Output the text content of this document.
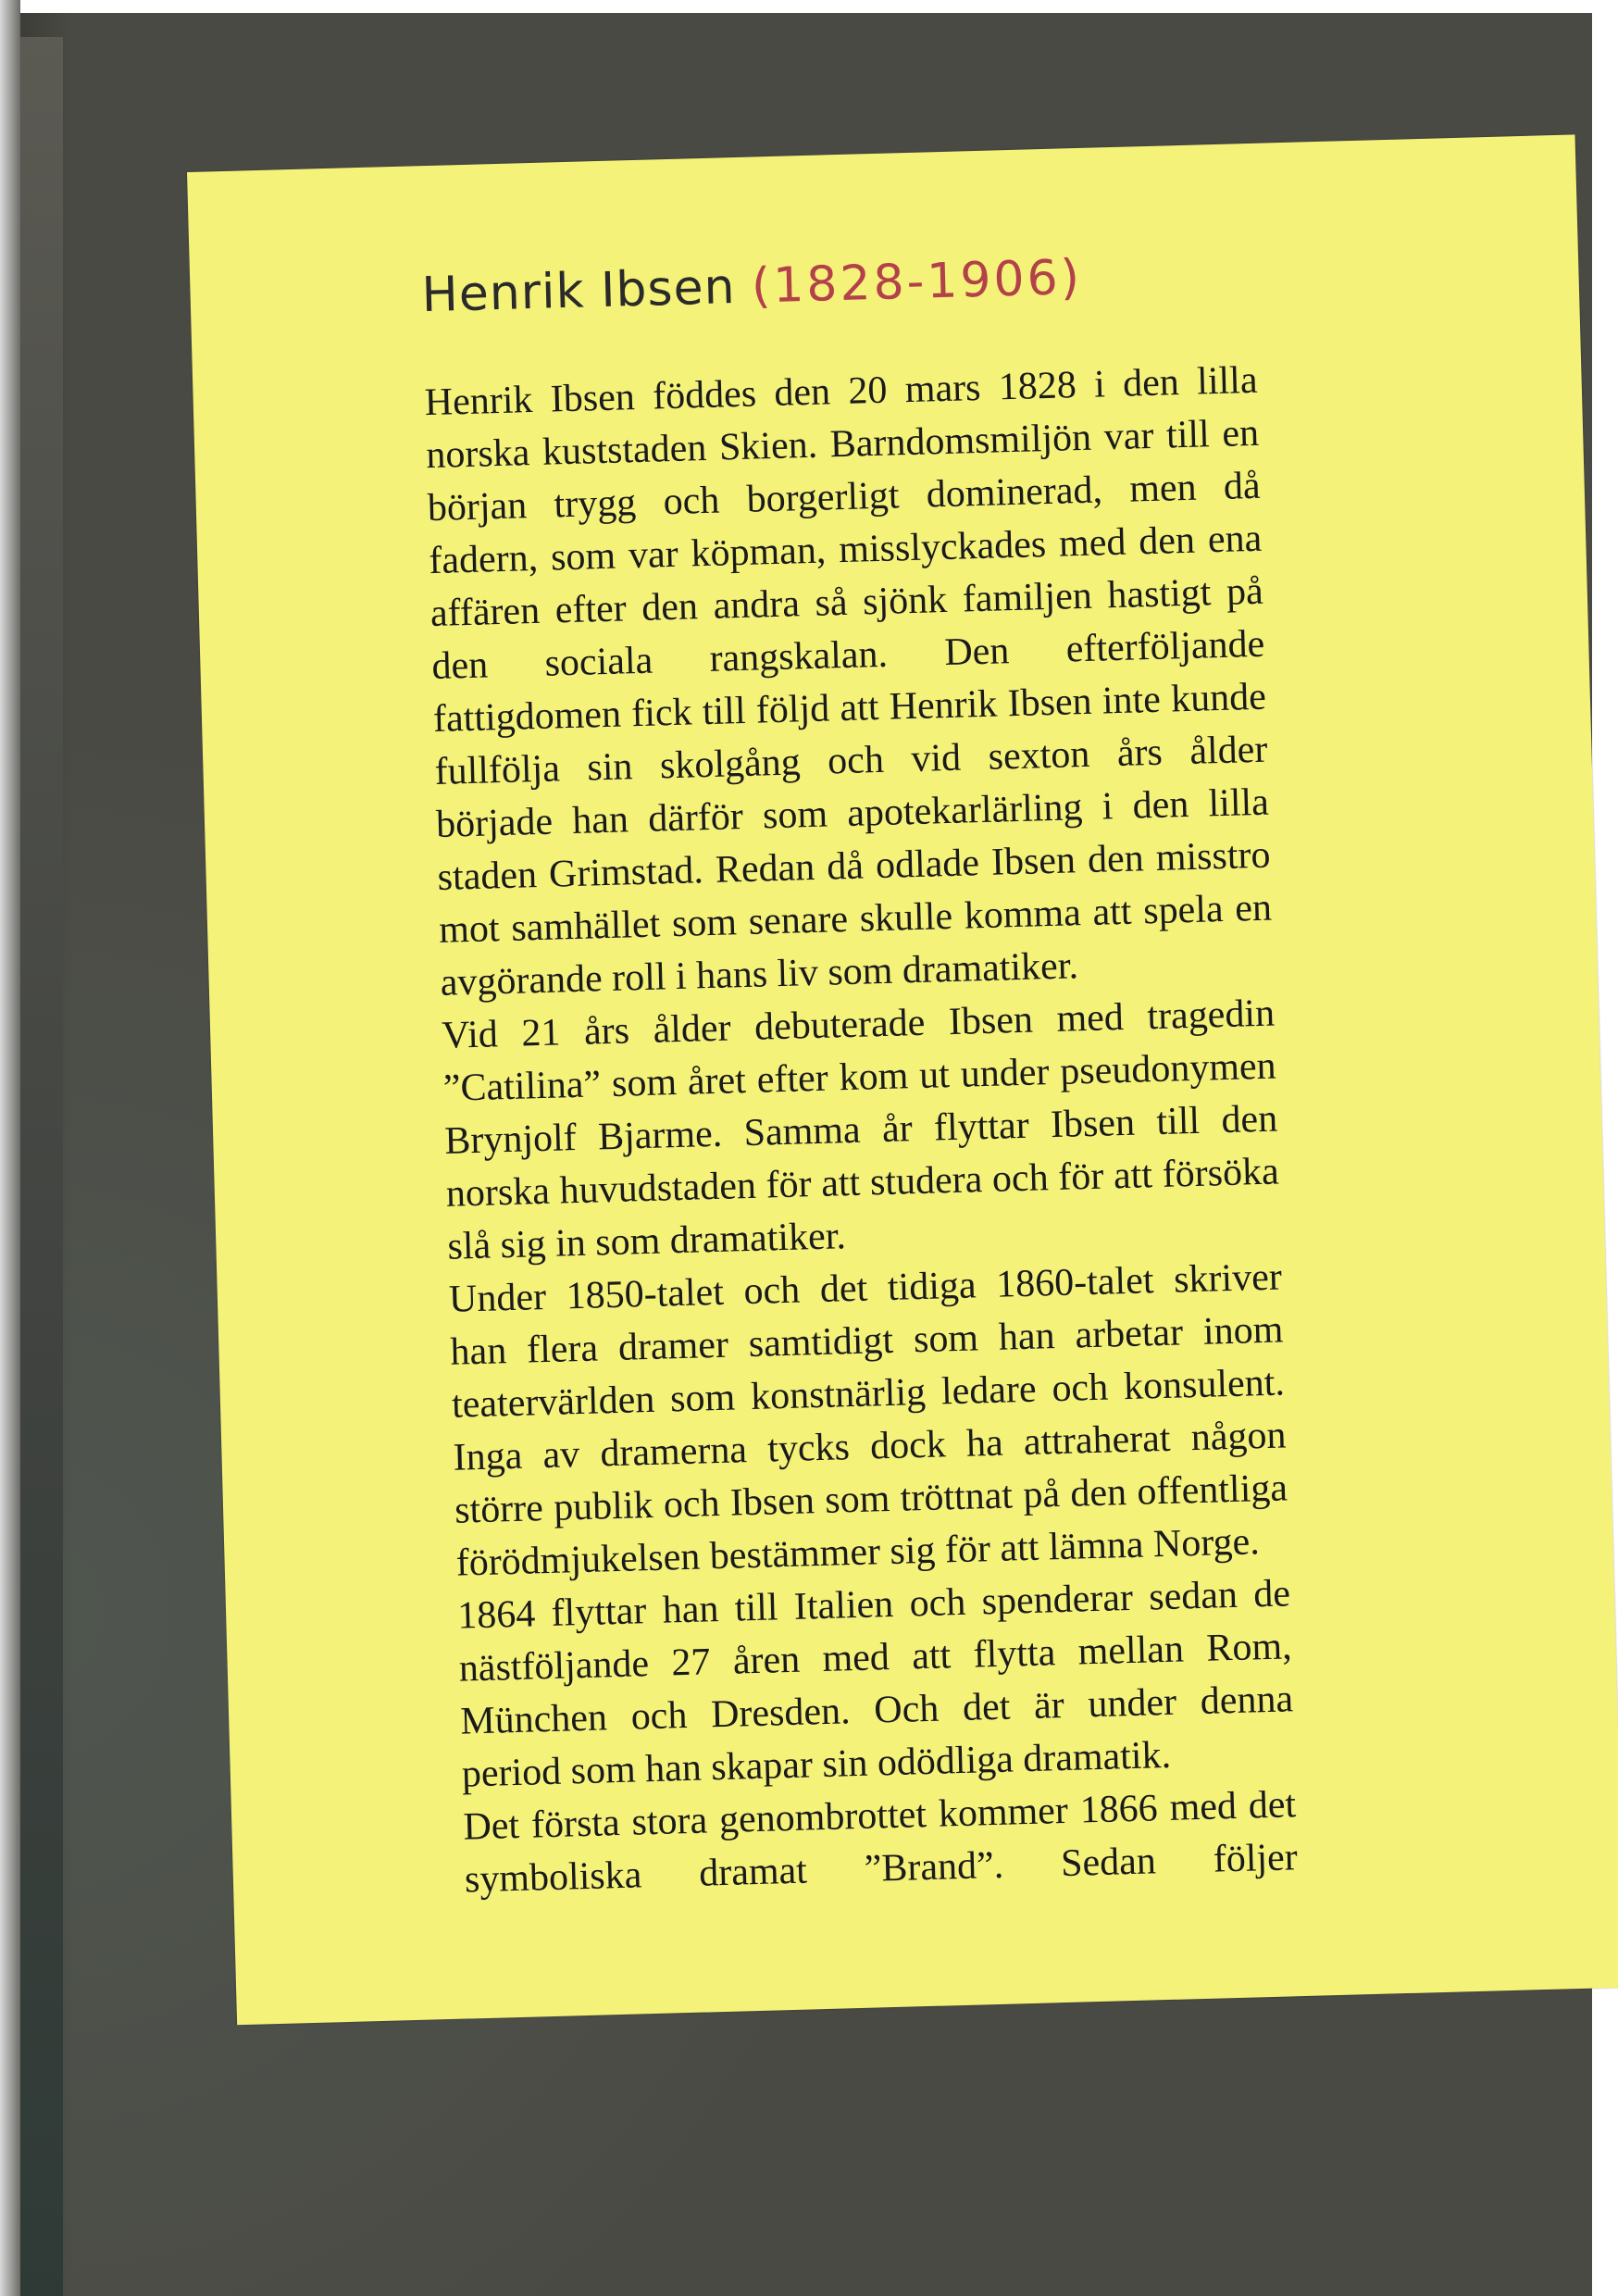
Henrik Ibsen (1828-1906)

Henrik Ibsen föddes den 20 mars 1828 i den lilla norska kuststaden Skien. Barndomsmiljön var till en början trygg och borgerligt dominerad, men då fadern, som var köpman, misslyckades med den ena affären efter den andra så sjönk familjen hastigt på den sociala rangskalan. Den efterföljande fattigdomen fick till följd att Henrik Ibsen inte kunde fullfölja sin skolgång och vid sexton års ålder började han därför som apotekarlärling i den lilla staden Grimstad. Redan då odlade Ibsen den misstro mot samhället som senare skulle komma att spela en avgörande roll i hans liv som dramatiker.

Vid 21 års ålder debuterade Ibsen med tragedin ”Catilina” som året efter kom ut under pseudonymen Brynjolf Bjarme. Samma år flyttar Ibsen till den norska huvudstaden för att studera och för att försöka slå sig in som dramatiker.

Under 1850-talet och det tidiga 1860-talet skriver han flera dramer samtidigt som han arbetar inom teatervärlden som konstnärlig ledare och konsulent. Inga av dramerna tycks dock ha attraherat någon större publik och Ibsen som tröttnat på den offentliga förödmjukelsen bestämmer sig för att lämna Norge.

1864 flyttar han till Italien och spenderar sedan de nästföljande 27 åren med att flytta mellan Rom, München och Dresden. Och det är under denna period som han skapar sin odödliga dramatik.

Det första stora genombrottet kommer 1866 med det symboliska dramat ”Brand”. Sedan följer
